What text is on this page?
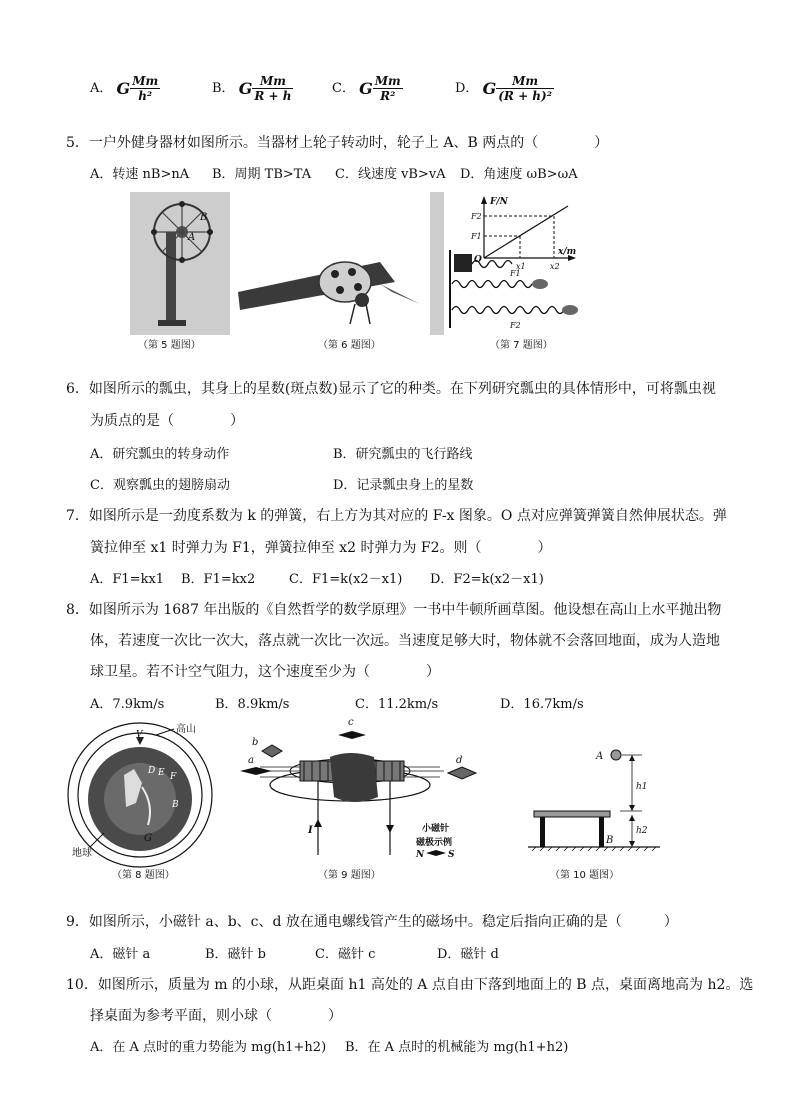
A． G $\frac{Mm}{\text{h²}}$	B． G $\frac{Mm}{R + h}$	C． G $\frac{Mm}{\text{R²}}$	D． G $\frac{Mm}{\text{(R + h)²}}$
5．一户外健身器材如图所示。当器材上轮子转动时，轮子上 A、B 两点的（　　　　）
A．转速 nB>nA B．周期 TB>TA C．线速度 vB>vA D．角速度 ωB>ωA
A
B
F/N
x/m
O
F1
F2
x1	x2
F1
F2
（第 5 题图）	（第 6 题图）	（第 7 题图）
6．如图所示的瓢虫，其身上的星数(斑点数)显示了它的种类。在下列研究瓢虫的具体情形中，可将瓢虫视
为质点的是（　　　　）
A．研究瓢虫的转身动作	B．研究瓢虫的飞行路线
C．观察瓢虫的翅膀扇动	D．记录瓢虫身上的星数
7．如图所示是一劲度系数为 k 的弹簧，右上方为其对应的 F-x 图象。O 点对应弹簧弹簧自然伸展状态。弹
簧拉伸至 x1 时弹力为 F1，弹簧拉伸至 x2 时弹力为 F2。则（　　　　）
A．F1=kx1 B．F1=kx2	C．F1=k(x2－x1) D．F2=k(x2－x1)
8．如图所示为 1687 年出版的《自然哲学的数学原理》一书中牛顿所画草图。他设想在高山上水平抛出物
体，若速度一次比一次大，落点就一次比一次远。当速度足够大时，物体就不会落回地面，成为人造地
球卫星。若不计空气阻力，这个速度至少为（　　　　）
A．7.9km/s	B．8.9km/s	C．11.2km/s	D．16.7km/s
V	高山
D E F
B
G
地球
I
a
b
c
d
小磁针
磁极示例
N	S
A
h1
h2
B
（第 8 题图）	（第 9 题图）	（第 10 题图）
9．如图所示，小磁针 a、b、c、d 放在通电螺线管产生的磁场中。稳定后指向正确的是（　　　）
A．磁针 a	B．磁针 b	C．磁针 c	D．磁针 d
10．如图所示，质量为 m 的小球，从距桌面 h1 高处的 A 点自由下落到地面上的 B 点，桌面离地高为 h2。选
择桌面为参考平面，则小球（　　　　）
A．在 A 点时的重力势能为 mg(h1+h2) B．在 A 点时的机械能为 mg(h1+h2)
